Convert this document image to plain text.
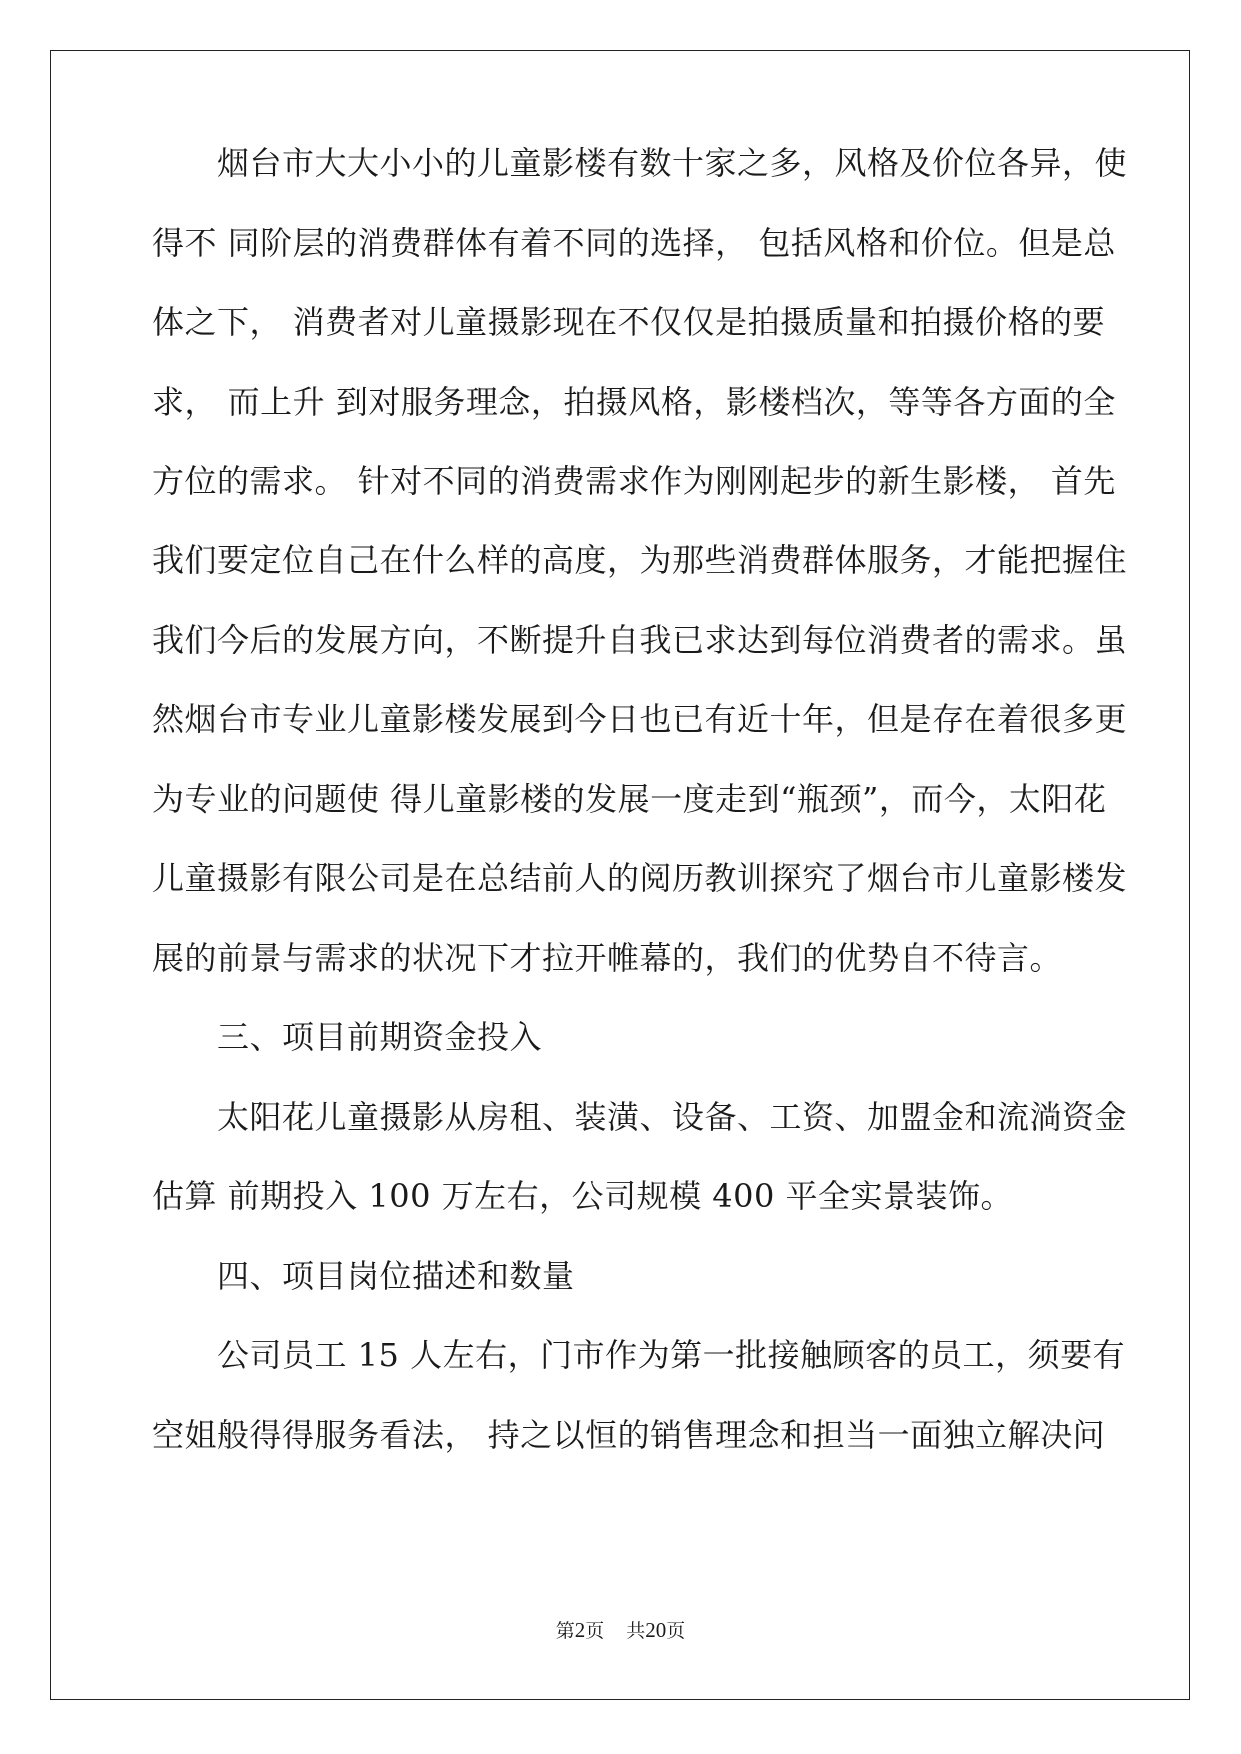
　　烟台市大大小小的儿童影楼有数十家之多，风格及价位各异，使
得不 同阶层的消费群体有着不同的选择， 包括风格和价位。但是总
体之下， 消费者对儿童摄影现在不仅仅是拍摄质量和拍摄价格的要
求， 而上升 到对服务理念，拍摄风格，影楼档次，等等各方面的全
方位的需求。 针对不同的消费需求作为刚刚起步的新生影楼， 首先
我们要定位自己在什么样的高度，为那些消费群体服务，才能把握住
我们今后的发展方向，不断提升自我已求达到每位消费者的需求。虽
然烟台市专业儿童影楼发展到今日也已有近十年，但是存在着很多更
为专业的问题使 得儿童影楼的发展一度走到“瓶颈”，而今，太阳花
儿童摄影有限公司是在总结前人的阅历教训探究了烟台市儿童影楼发
展的前景与需求的状况下才拉开帷幕的，我们的优势自不待言。
　　三、项目前期资金投入
　　太阳花儿童摄影从房租、装潢、设备、工资、加盟金和流淌资金
估算 前期投入 100 万左右，公司规模 400 平全实景装饰。
　　四、项目岗位描述和数量
　　公司员工 15 人左右，门市作为第一批接触顾客的员工，须要有
空姐般得得服务看法， 持之以恒的销售理念和担当一面独立解决问
第2页 共20页
